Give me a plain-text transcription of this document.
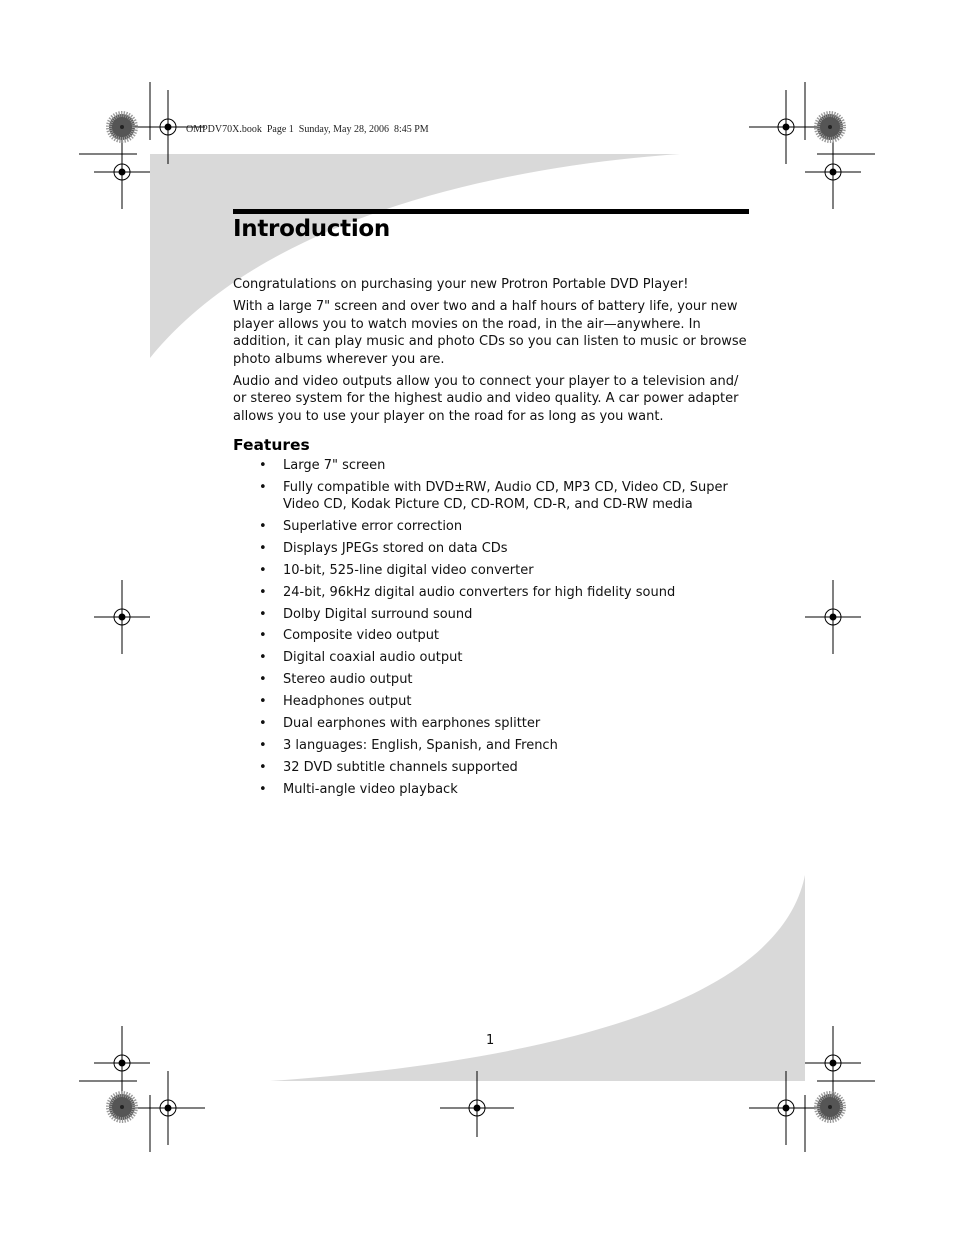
OMPDV70X.book  Page 1  Sunday, May 28, 2006  8:45 PM
Introduction

Congratulations on purchasing your new Protron Portable DVD Player!

With a large 7" screen and over two and a half hours of battery life, your new player allows you to watch movies on the road, in the air—anywhere. In addition, it can play music and photo CDs so you can listen to music or browse photo albums wherever you are.

Audio and video outputs allow you to connect your player to a television and/ or stereo system for the highest audio and video quality. A car power adapter allows you to use your player on the road for as long as you want.

Features
• Large 7" screen
• Fully compatible with DVD±RW, Audio CD, MP3 CD, Video CD, Super Video CD, Kodak Picture CD, CD-ROM, CD-R, and CD-RW media
• Superlative error correction
• Displays JPEGs stored on data CDs
• 10-bit, 525-line digital video converter
• 24-bit, 96kHz digital audio converters for high fidelity sound
• Dolby Digital surround sound
• Composite video output
• Digital coaxial audio output
• Stereo audio output
• Headphones output
• Dual earphones with earphones splitter
• 3 languages: English, Spanish, and French
• 32 DVD subtitle channels supported
• Multi-angle video playback
1
